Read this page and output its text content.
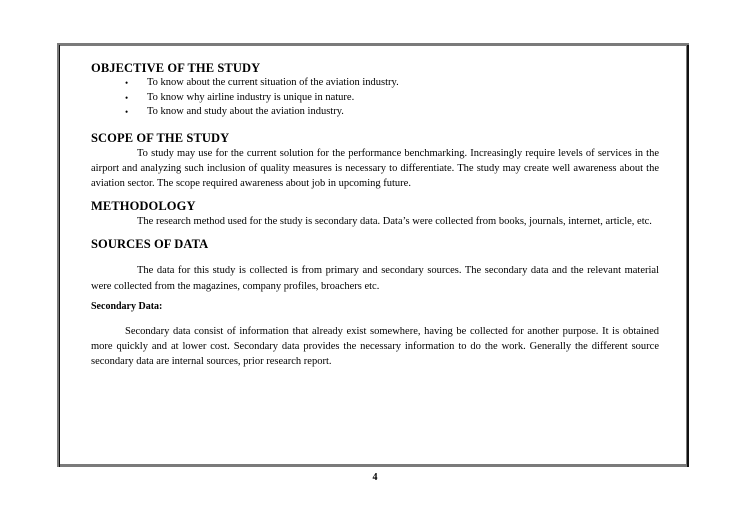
OBJECTIVE OF THE STUDY
• To know about the current situation of the aviation industry.
• To know why airline industry is unique in nature.
• To know and study about the aviation industry.
SCOPE OF THE STUDY

To study may use for the current solution for the performance benchmarking. Increasingly require levels of services in the airport and analyzing such inclusion of quality measures is necessary to differentiate. The study may create well awareness about the aviation sector. The scope required awareness about job in upcoming future.

METHODOLOGY

The research method used for the study is secondary data. Data’s were collected from books, journals, internet, article, etc.

SOURCES OF DATA

The data for this study is collected is from primary and secondary sources. The secondary data and the relevant material were collected from the magazines, company profiles, broachers etc.

Secondary Data:

Secondary data consist of information that already exist somewhere, having be collected for another purpose. It is obtained more quickly and at lower cost. Secondary data provides the necessary information to do the work. Generally the different source secondary data are internal sources, prior research report.

4
